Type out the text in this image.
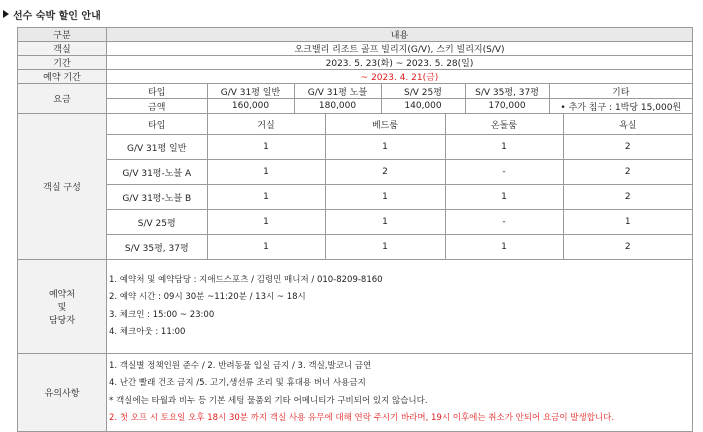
선수 숙박 할인 안내
구분	내용
객실	오크밸리 리조트 골프 빌리지(G/V), 스키 빌리지(S/V)
기간	2023. 5. 23(화) ~ 2023. 5. 28(일)
예약 기간	~ 2023. 4. 21(금)
요금	
타입	G/V 31평 일반	G/V 31평 노블	S/V 25평	S/V 35평, 37평	기타
금액	160,000	180,000	140,000	170,000	• 추가 침구 : 1박당 15,000원

객실 구성	
타입	거실	베드룸	온돌룸	욕실
G/V 31평 일반	1	1	1	2
G/V 31평-노블 A	1	2	-	2
G/V 31평-노블 B	1	1	1	2
S/V 25평	1	1	-	1
S/V 35평, 37평	1	1	1	2

예약처
및
담당자

1. 예약처 및 예약담당 : 지애드스포츠 / 김령민 매니저 / 010-8209-8160
2. 예약 시간 : 09시 30분 ~11:20분 / 13시 ~ 18시
3. 체크인 : 15:00 ~ 23:00
4. 체크아웃 : 11:00

유의사항	
1. 객실별 정책인원 준수 / 2. 반려동물 입실 금지 / 3. 객실,발코니 금연
4. 난간 빨래 건조 금지 /5. 고기,생선류 조리 및 휴대용 버너 사용금지
* 객실에는 타월과 비누 등 기본 세팅 물품외 기타 어메니티가 구비되어 있지 않습니다.
2. 첫 오프 시 토요일 오후 18시 30분 까지 객실 사용 유무에 대해 연락 주시기 바라며, 19시 이후에는 취소가 안되어 요금이 발생합니다.
